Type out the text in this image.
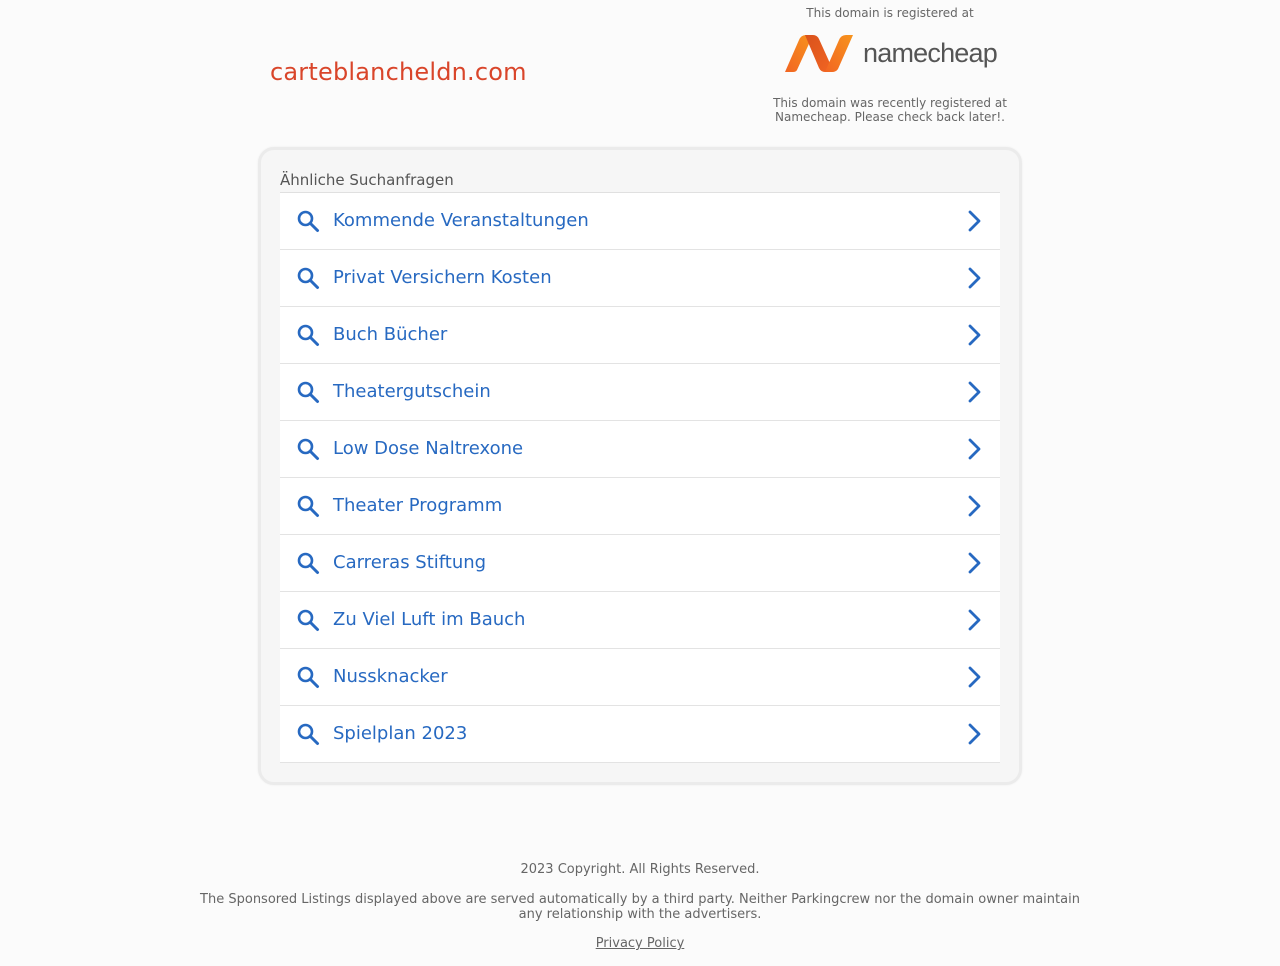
carteblancheldn.com
This domain is registered at
namecheap
This domain was recently registered at Namecheap. Please check back later!.
Ähnliche Suchanfragen
Kommende Veranstaltungen
Privat Versichern Kosten
Buch Bücher
Theatergutschein
Low Dose Naltrexone
Theater Programm
Carreras Stiftung
Zu Viel Luft im Bauch
Nussknacker
Spielplan 2023

2023 Copyright. All Rights Reserved.

The Sponsored Listings displayed above are served automatically by a third party. Neither Parkingcrew nor the domain owner maintain any relationship with the advertisers.

Privacy Policy
